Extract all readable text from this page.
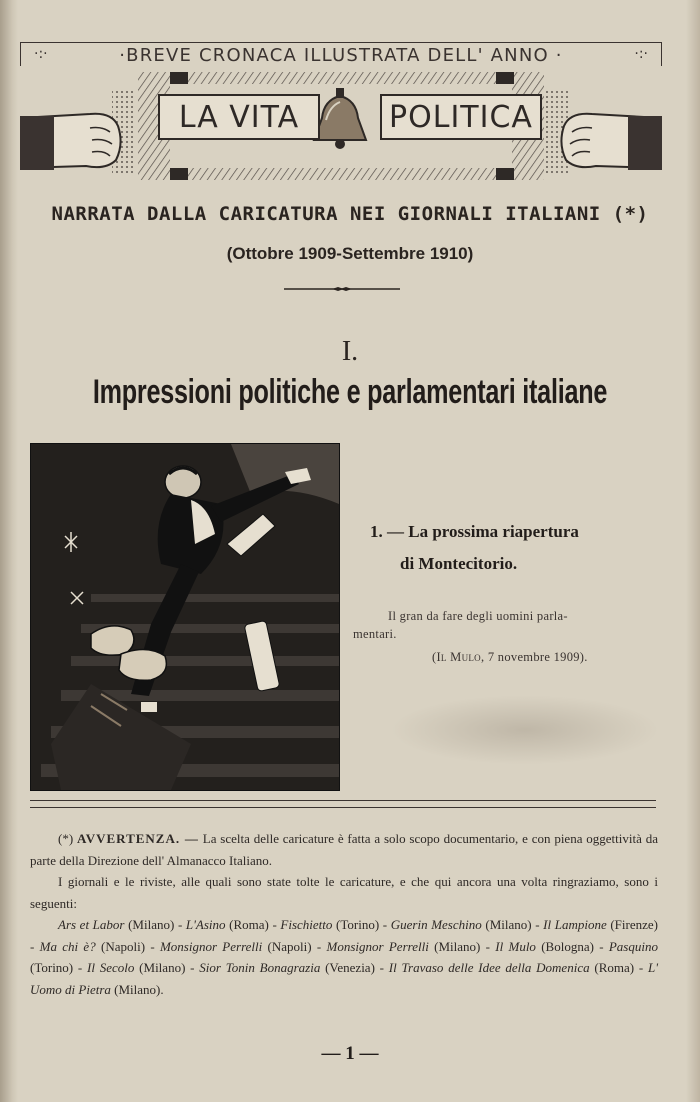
·:·	·:·
·BREVE CRONACA ILLUSTRATA DELL' ANNO ·
LA VITA	POLITICA
NARRATA DALLA CARICATURA NEI GIORNALI ITALIANI (*)
(Ottobre 1909-Settembre 1910)
I.
Impressioni politiche e parlamentari italiane
1. — La prossima riapertura
di Montecitorio.
Il gran da fare degli uomini parla-
mentari.
(Il Mulo, 7 novembre 1909).

(*) AVVERTENZA. — La scelta delle caricature è fatta a solo scopo documentario, e con piena oggettività da parte della Direzione dell' Almanacco Italiano.

I giornali e le riviste, alle quali sono state tolte le caricature, e che qui ancora una volta ringraziamo, sono i seguenti:

Ars et Labor (Milano) - L'Asino (Roma) - Fischietto (Torino) - Guerin Meschino (Milano) - Il Lampione (Firenze) - Ma chi è? (Napoli) - Monsignor Perrelli (Napoli) - Monsignor Perrelli (Milano) - Il Mulo (Bologna) - Pasquino (Torino) - Il Secolo (Milano) - Sior Tonin Bonagrazia (Venezia) - Il Travaso delle Idee della Domenica (Roma) - L' Uomo di Pietra (Milano).

— 1 —
